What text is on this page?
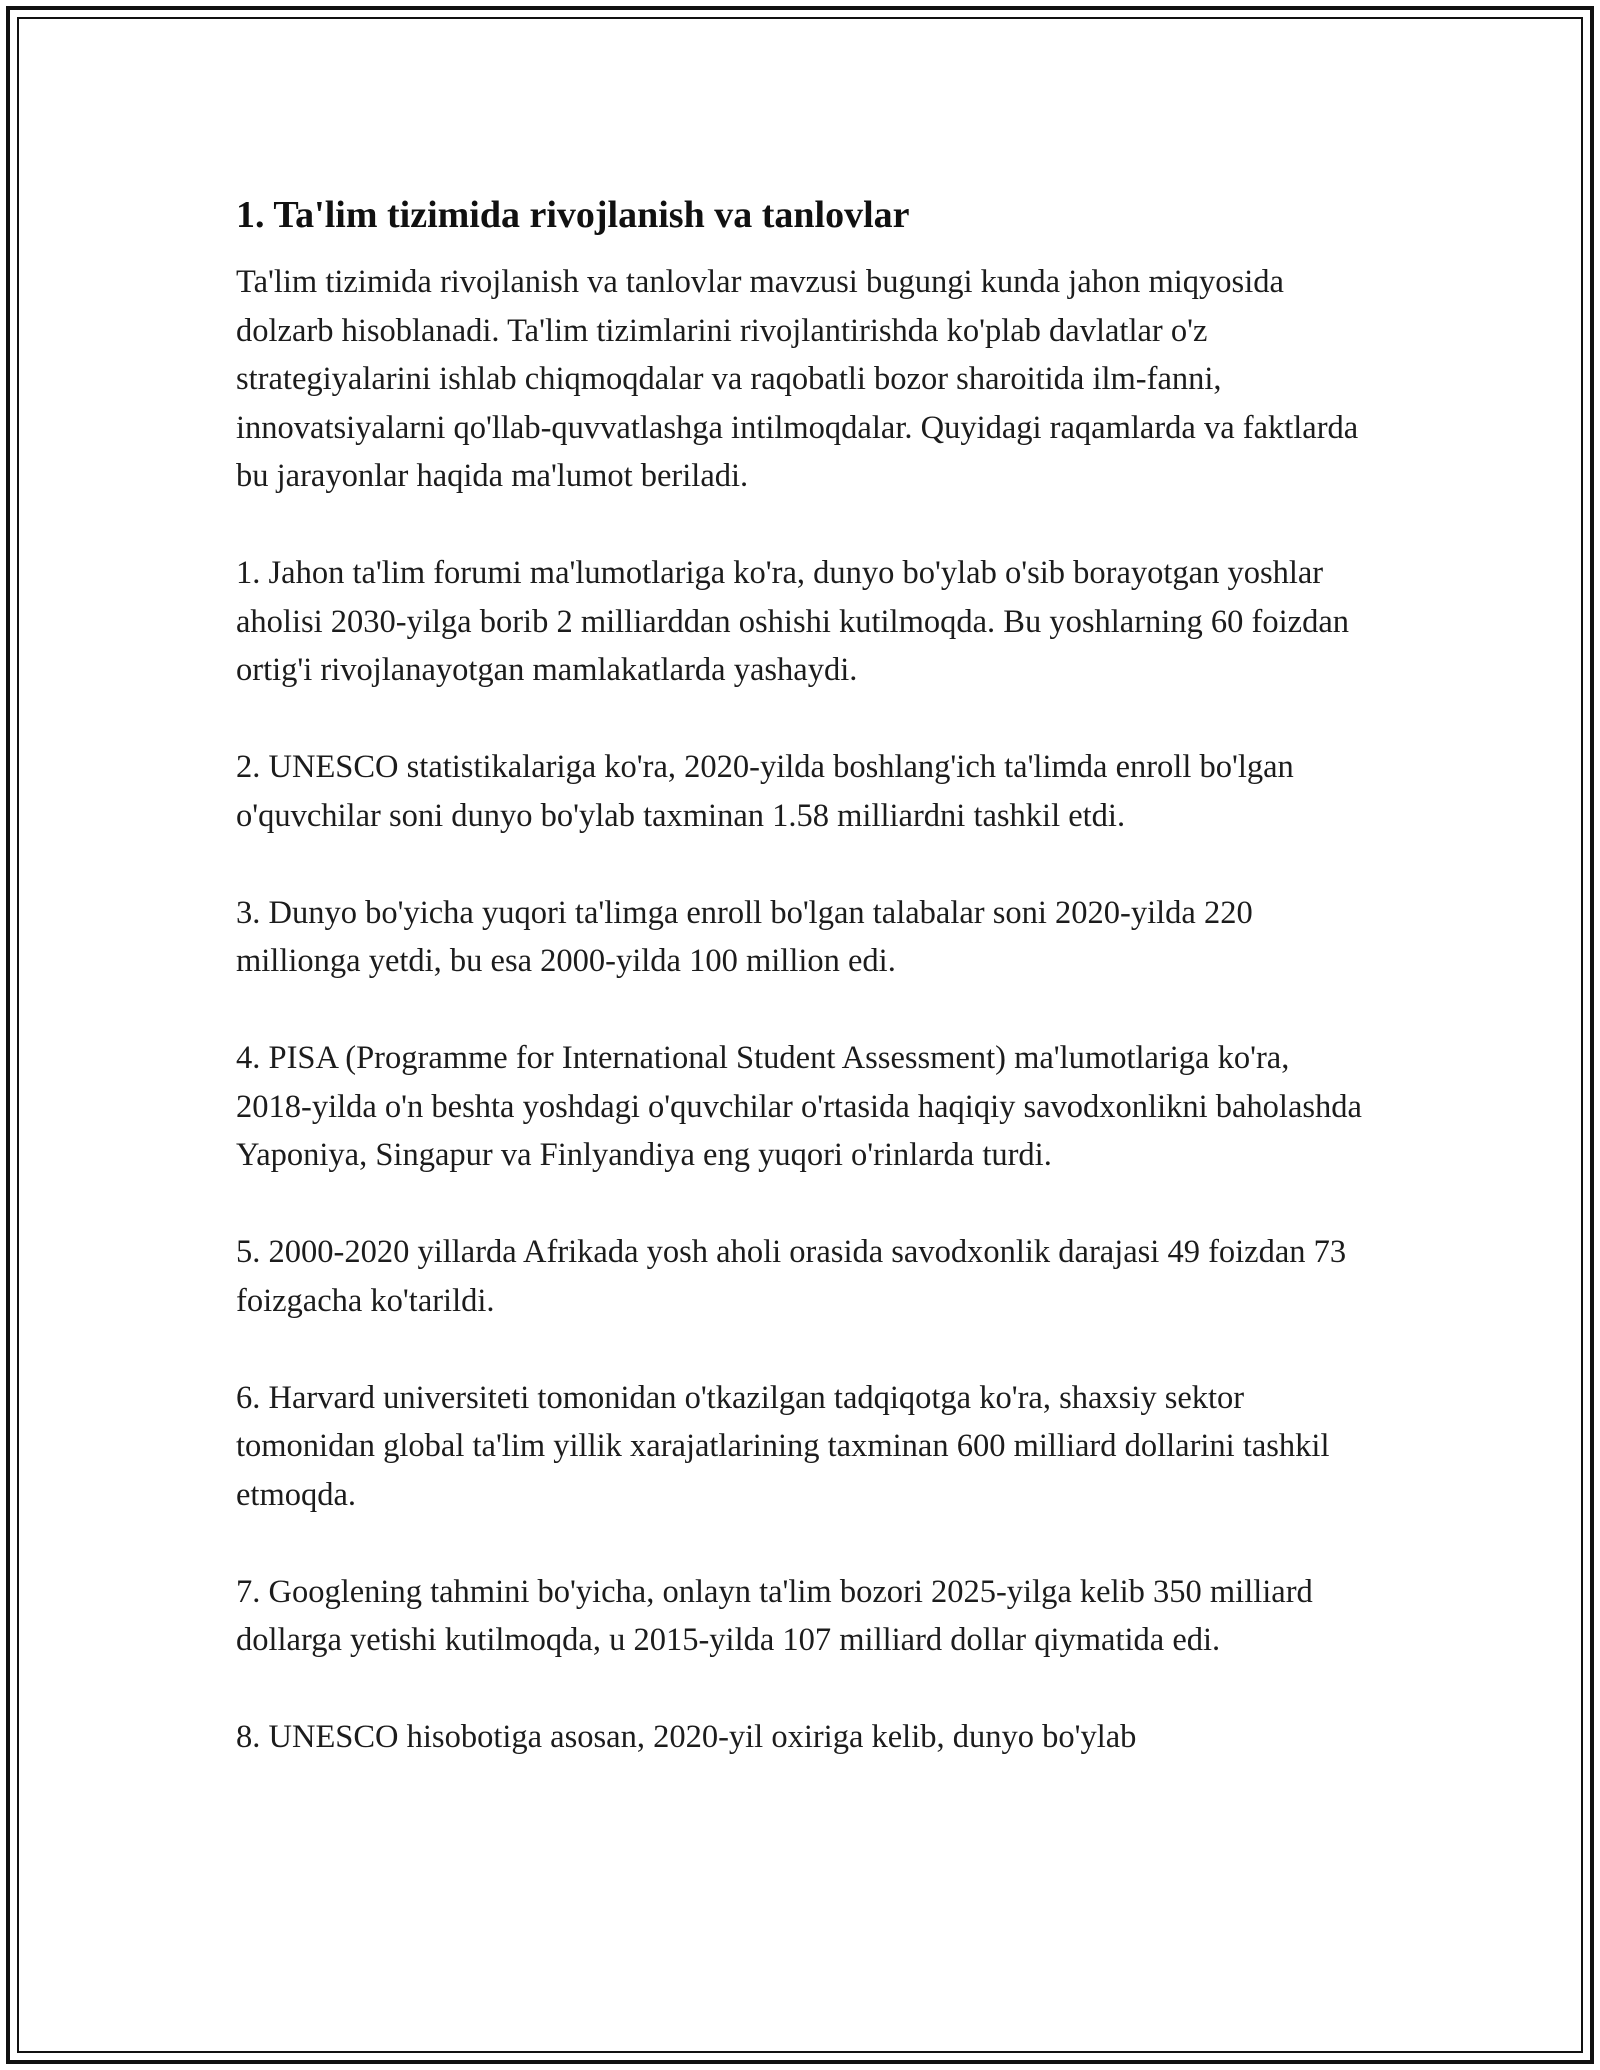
1. Ta'lim tizimida rivojlanish va tanlovlar

Ta'lim tizimida rivojlanish va tanlovlar mavzusi bugungi kunda jahon miqyosida dolzarb hisoblanadi. Ta'lim tizimlarini rivojlantirishda ko'plab davlatlar o'z strategiyalarini ishlab chiqmoqdalar va raqobatli bozor sharoitida ilm-fanni, innovatsiyalarni qo'llab-quvvatlashga intilmoqdalar. Quyidagi raqamlarda va faktlarda bu jarayonlar haqida ma'lumot beriladi.

1. Jahon ta'lim forumi ma'lumotlariga ko'ra, dunyo bo'ylab o'sib borayotgan yoshlar aholisi 2030-yilga borib 2 milliarddan oshishi kutilmoqda. Bu yoshlarning 60 foizdan ortig'i rivojlanayotgan mamlakatlarda yashaydi.

2. UNESCO statistikalariga ko'ra, 2020-yilda boshlang'ich ta'limda enroll bo'lgan o'quvchilar soni dunyo bo'ylab taxminan 1.58 milliardni tashkil etdi.

3. Dunyo bo'yicha yuqori ta'limga enroll bo'lgan talabalar soni 2020-yilda 220 millionga yetdi, bu esa 2000-yilda 100 million edi.

4. PISA (Programme for International Student Assessment) ma'lumotlariga ko'ra, 2018-yilda o'n beshta yoshdagi o'quvchilar o'rtasida haqiqiy savodxonlikni baholashda Yaponiya, Singapur va Finlyandiya eng yuqori o'rinlarda turdi.

5. 2000-2020 yillarda Afrikada yosh aholi orasida savodxonlik darajasi 49 foizdan 73 foizgacha ko'tarildi.

6. Harvard universiteti tomonidan o'tkazilgan tadqiqotga ko'ra, shaxsiy sektor tomonidan global ta'lim yillik xarajatlarining taxminan 600 milliard dollarini tashkil etmoqda.

7. Googlening tahmini bo'yicha, onlayn ta'lim bozori 2025-yilga kelib 350 milliard dollarga yetishi kutilmoqda, u 2015-yilda 107 milliard dollar qiymatida edi.

8. UNESCO hisobotiga asosan, 2020-yil oxiriga kelib, dunyo bo'ylab
